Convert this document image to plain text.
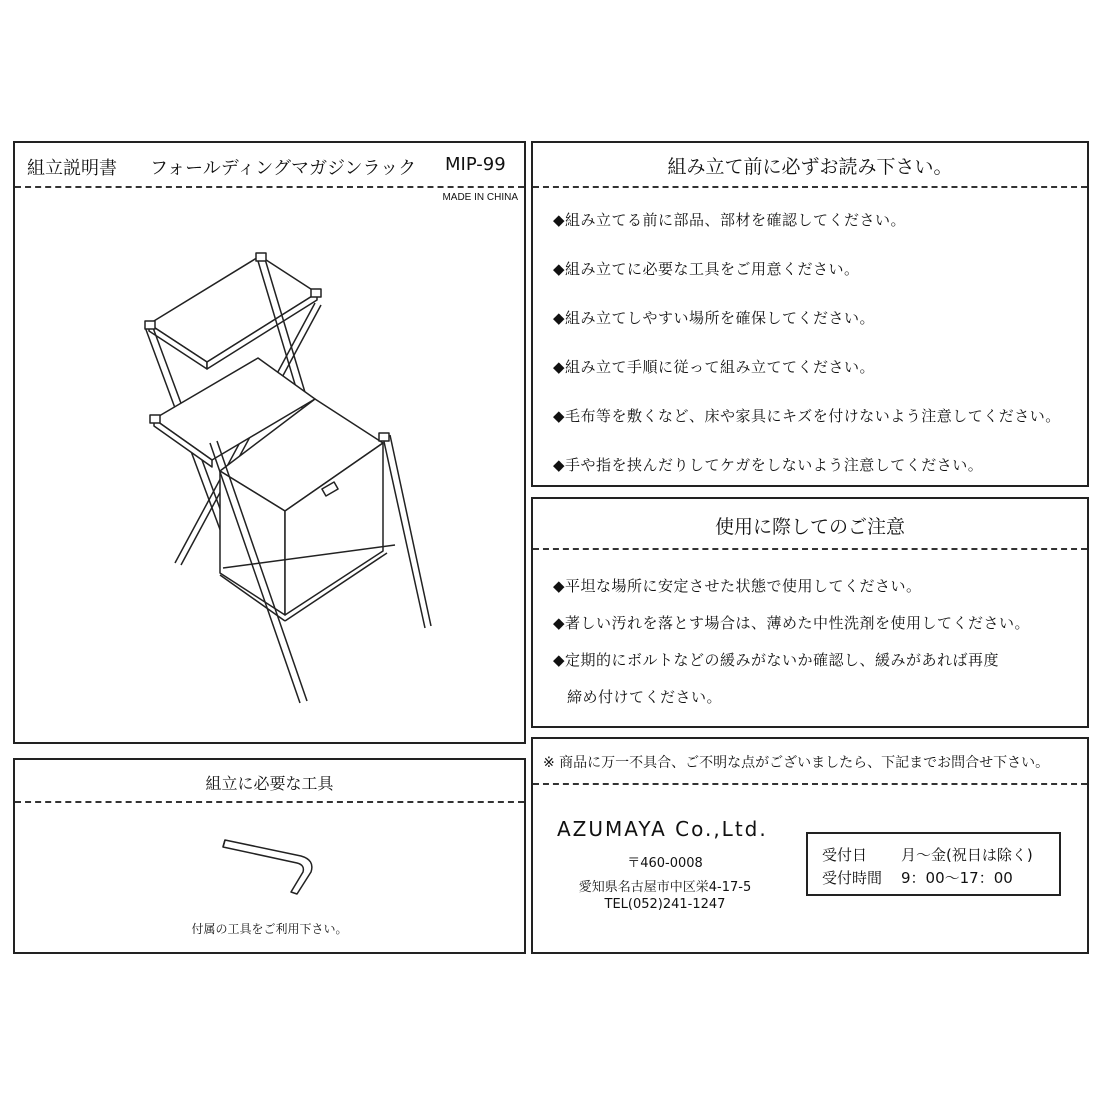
組立説明書 フォールディングマガジンラック MIP-99
MADE IN CHINA
組み立て前に必ずお読み下さい。
◆組み立てる前に部品、部材を確認してください。
◆組み立てに必要な工具をご用意ください。
◆組み立てしやすい場所を確保してください。
◆組み立て手順に従って組み立ててください。
◆毛布等を敷くなど、床や家具にキズを付けないよう注意してください。
◆手や指を挟んだりしてケガをしないよう注意してください。
使用に際してのご注意
◆平坦な場所に安定させた状態で使用してください。
◆著しい汚れを落とす場合は、薄めた中性洗剤を使用してください。
◆定期的にボルトなどの緩みがないか確認し、緩みがあれば再度
締め付けてください。
組立に必要な工具
付属の工具をご利用下さい。
※ 商品に万一不具合、ご不明な点がございましたら、下記までお問合せ下さい。
AZUMAYA Co.,Ltd.
〒460-0008
愛知県名古屋市中区栄4-17-5
TEL(052)241-1247
受付日 月～金(祝日は除く)
受付時間 9：00～17：00
